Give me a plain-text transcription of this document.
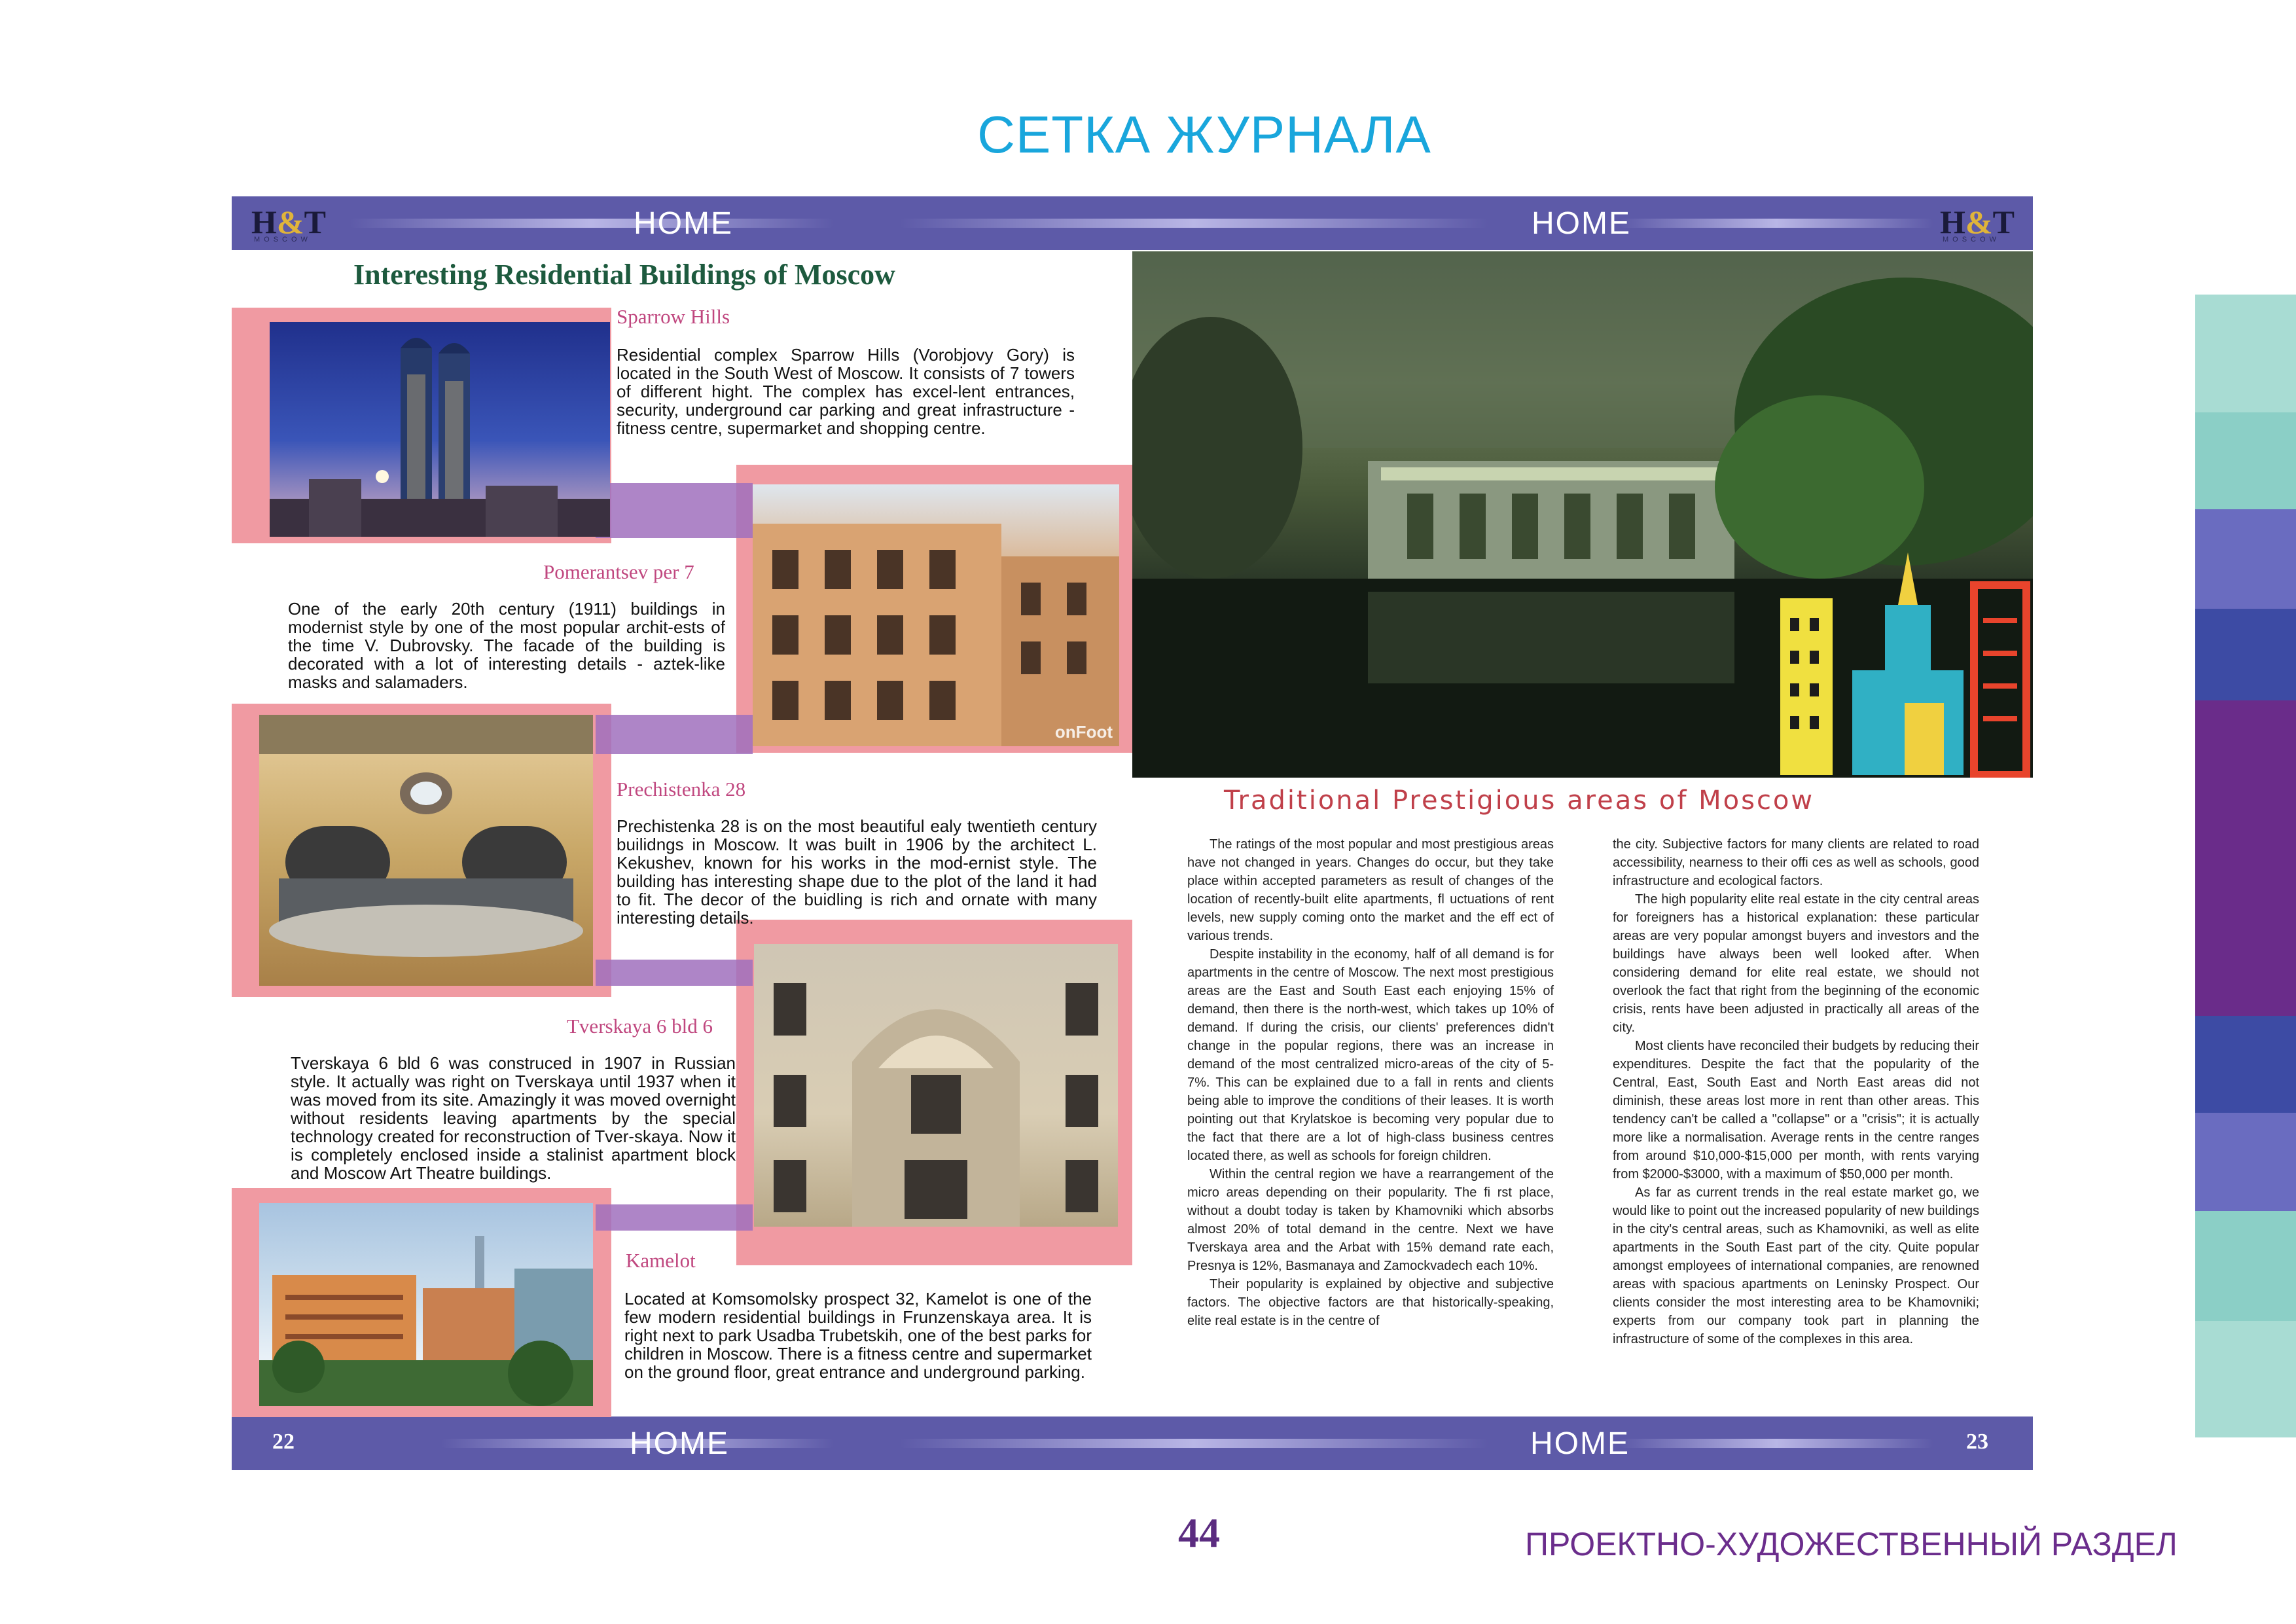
СЕТКА ЖУРНАЛА
H&T
MOSCOW	HOME	HOME	H&T
MOSCOW
22	HOME	HOME	23
Interesting Residential Buildings of Moscow
onFoot
Sparrow Hills
Residential complex Sparrow Hills (Vorobjovy Gory) is located in the South West of Moscow. It consists of 7 towers of different hight. The complex has excel-lent entrances, security, underground car parking and great infrastructure - fitness centre, supermarket and shopping centre.
Pomerantsev per 7
One of the early 20th century (1911) buildings in modernist style by one of the most popular archit-ests of the time V. Dubrovsky. The facade of the building is decorated with a lot of interesting details - aztek-like masks and salamaders.
Prechistenka 28
Prechistenka 28 is on the most beautiful ealy twentieth century builidngs in Moscow. It was built in 1906 by the architect L. Kekushev, known for his works in the mod-ernist style. The building has interesting shape due to the plot of the land it had to fit. The decor of the buidling is rich and ornate with many interesting details.
Tverskaya 6 bld 6
Tverskaya 6 bld 6 was construced in 1907 in Russian style. It actually was right on Tverskaya until 1937 when it was moved from its site. Amazingly it was moved overnight without residents leaving apartments by the special technology created for reconstruction of Tver-skaya. Now it is completely enclosed inside a stalinist apartment block and Moscow Art Theatre buildings.
Kamelot
Located at Komsomolsky prospect 32, Kamelot is one of the few modern residential buildings in Frunzenskaya area. It is right next to park Usadba Trubetskih, one of the best parks for children in Moscow. There is a fitness centre and supermarket on the ground floor, great entrance and underground parking.
Traditional Prestigious areas of Moscow

The ratings of the most popular and most prestigious areas have not changed in years. Changes do occur, but they take place within accepted parameters as result of changes of the location of recently-built elite apartments, fl uctuations of rent levels, new supply coming onto the market and the eff ect of various trends.

Despite instability in the economy, half of all demand is for apartments in the centre of Moscow. The next most prestigious areas are the East and South East each enjoying 15% of demand, then there is the north-west, which takes up 10% of demand. If during the crisis, our clients' preferences didn't change in the popular regions, there was an increase in demand of the most centralized micro-areas of the city of 5-7%. This can be explained due to a fall in rents and clients being able to improve the conditions of their leases. It is worth pointing out that Krylatskoe is becoming very popular due to the fact that there are a lot of high-class business centres located there, as well as schools for foreign children.

Within the central region we have a rearrangement of the micro areas depending on their popularity. The fi rst place, without a doubt today is taken by Khamovniki which absorbs almost 20% of total demand in the centre. Next we have Tverskaya area and the Arbat with 15% demand rate each, Presnya is 12%, Basmanaya and Zamockvadech each 10%.

Their popularity is explained by objective and subjective factors. The objective factors are that historically-speaking, elite real estate is in the centre of

the city. Subjective factors for many clients are related to road accessibility, nearness to their offi ces as well as schools, good infrastructure and ecological factors.

The high popularity elite real estate in the city central areas for foreigners has a historical explanation: these particular areas are very popular amongst buyers and investors and the buildings have always been well looked after. When considering demand for elite real estate, we should not overlook the fact that right from the beginning of the economic crisis, rents have been adjusted in practically all areas of the city.

Most clients have reconciled their budgets by reducing their expenditures. Despite the fact that the popularity of the Central, East, South East and North East areas did not diminish, these areas lost more in rent than other areas. This tendency can't be called a "collapse" or a "crisis"; it is actually more like a normalisation. Average rents in the centre ranges from around $10,000-$15,000 per month, with rents varying from $2000-$3000, with a maximum of $50,000 per month.

As far as current trends in the real estate market go, we would like to point out the increased popularity of new buildings in the city's central areas, such as Khamovniki, as well as elite apartments in the South East part of the city. Quite popular amongst employees of international companies, are renowned areas with spacious apartments on Leninsky Prospect. Our clients consider the most interesting area to be Khamovniki; experts from our company took part in planning the infrastructure of some of the complexes in this area.

44	ПРОЕКТНО-ХУДОЖЕСТВЕННЫЙ РАЗДЕЛ
